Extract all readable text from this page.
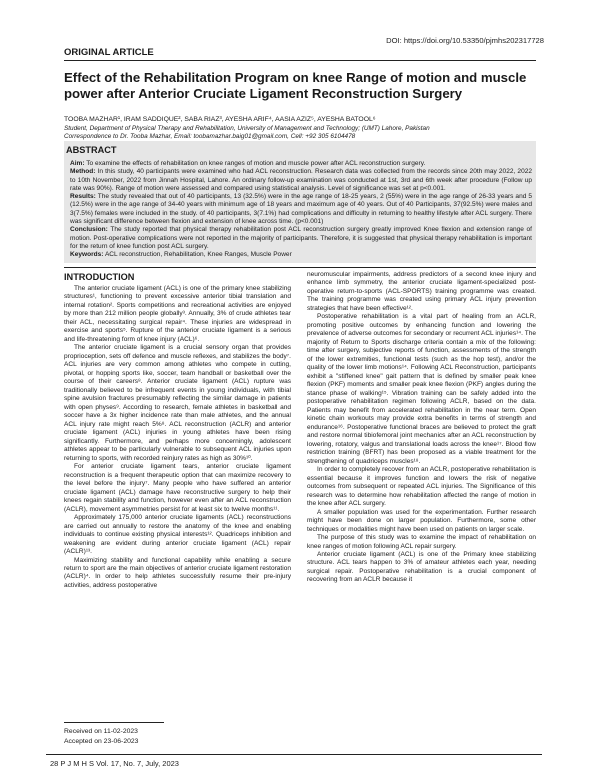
DOI: https://doi.org/10.53350/pjmhs202317728
ORIGINAL ARTICLE
Effect of the Rehabilitation Program on knee Range of motion and muscle power after Anterior Cruciate Ligament Reconstruction Surgery
TOOBA MAZHAR¹, IRAM SADDIQUE², SABA RIAZ³, AYESHA ARIF⁴, AASIA AZIZ⁵, AYESHA BATOOL⁶
Student, Department of Physical Therapy and Rehabilitation, University of Management and Technology; (UMT) Lahore, Pakistan
Correspondence to Dr. Tooba Mazhar, Email: toobamazhar.baig01@gmail.com, Cell: +92 305 6104478
ABSTRACT

Aim: To examine the effects of rehabilitation on knee ranges of motion and muscle power after ACL reconstruction surgery.

Method: In this study, 40 participants were examined who had ACL reconstruction. Research data was collected from the records since 20th may 2022, 2022 to 10th November, 2022 from Jinnah Hospital, Lahore. An ordinary follow-up examination was conducted at 1st, 3rd and 6th week after procedure (Follow up rate was 90%). Range of motion were assessed and compared using statistical analysis. Level of significance was set at p<0.001.

Results: The study revealed that out of 40 participants, 13 (32.5%) were in the age range of 18-25 years, 2 (55%) were in the age range of 26-33 years and 5 (12.5%) were in the age range of 34-40 years with minimum age of 18 years and maximum age of 40 years. Out of 40 Participants, 37(92.5%) were males and 3(7.5%) females were included in the study. of 40 participants, 3(7.1%) had complications and difficulty in returning to healthy lifestyle after ACL surgery. There was significant difference between flexion and extension of knee across time. (p<0.001)

Conclusion: The study reported that physical therapy rehabilitation post ACL reconstruction surgery greatly improved Knee flexion and extension range of motion. Post-operative complications were not reported in the majority of participants. Therefore, it is suggested that physical therapy rehabilitation is important for the return of knee function post ACL surgery.

Keywords: ACL reconstruction, Rehabilitation, Knee Ranges, Muscle Power

INTRODUCTION

The anterior cruciate ligament (ACL) is one of the primary knee stabilizing structures¹, functioning to prevent excessive anterior tibial translation and internal rotation². Sports competitions and recreational activities are enjoyed by more than 212 million people globally³. Annually, 3% of crude athletes tear their ACL, necessitating surgical repair⁴. These injuries are widespread in exercise and sports⁵. Rupture of the anterior cruciate ligament is a serious and life-threatening form of knee injury (ACL)⁶.

The anterior cruciate ligament is a crucial sensory organ that provides proprioception, sets off defence and muscle reflexes, and stabilizes the body⁷. ACL injuries are very common among athletes who compete in cutting, pivotal, or hopping sports like, soccer, team handball or basketball over the course of their careers⁸. Anterior cruciate ligament (ACL) rupture was traditionally believed to be infrequent events in young individuals, with tibial spine avulsion fractures presumably reflecting the similar damage in patients with open physes⁹. According to research, female athletes in basketball and soccer have a 3x higher incidence rate than male athletes, and the annual ACL injury rate might reach 5%⁸. ACL reconstruction (ACLR) and anterior cruciate ligament (ACL) injuries in young athletes have been rising significantly. Furthermore, and perhaps more concerningly, adolescent athletes appear to be particularly vulnerable to subsequent ACL injuries upon returning to sports, with recorded reinjury rates as high as 30%¹⁰.

For anterior cruciate ligament tears, anterior cruciate ligament reconstruction is a frequent therapeutic option that can maximize recovery to the level before the injury⁷. Many people who have suffered an anterior cruciate ligament (ACL) damage have reconstructive surgery to help their knees regain stability and function, however even after an ACL reconstruction (ACLR), movement asymmetries persist for at least six to twelve months¹¹.

Approximately 175,000 anterior cruciate ligaments (ACL) reconstructions are carried out annually to restore the anatomy of the knee and enabling individuals to continue existing physical interests¹². Quadriceps inhibition and weakening are evident during anterior cruciate ligament (ACL) repair (ACLR)¹³.

Maximizing stability and functional capability while enabling a secure return to sport are the main objectives of anterior cruciate ligament restoration (ACLR)⁴. In order to help athletes successfully resume their pre-injury activities, address postoperative

neuromuscular impairments, address predictors of a second knee injury and enhance limb symmetry, the anterior cruciate ligament-specialized post-operative return-to-sports (ACL-SPORTS) training programme was created. The training programme was created using primary ACL injury prevention strategies that have been effective¹².

Postoperative rehabilitation is a vital part of healing from an ACLR, promoting positive outcomes by enhancing function and lowering the prevalence of adverse outcomes for secondary or recurrent ACL injuries¹⁴. The majority of Return to Sports discharge criteria contain a mix of the following: time after surgery, subjective reports of function, assessments of the strength of the lower extremities, functional tests (such as the hop test), and/or the quality of the lower limb motions¹⁴. Following ACL Reconstruction, participants exhibit a "stiffened knee" gait pattern that is defined by smaller peak knee flexion (PKF) moments and smaller peak knee flexion (PKF) angles during the stance phase of walking¹⁵. Vibration training can be safely added into the postoperative rehabilitation regimen following ACLR, based on the data. Patients may benefit from accelerated rehabilitation in the near term. Open kinetic chain workouts may provide extra benefits in terms of strength and endurance¹⁶. Postoperative functional braces are believed to protect the graft and restore normal tibiofemoral joint mechanics after an ACL reconstruction by lowering, rotatory, valgus and translational loads across the knee¹⁷. Blood flow restriction training (BFRT) has been proposed as a viable treatment for the strengthening of quadriceps muscles¹⁸.

In order to completely recover from an ACLR, postoperative rehabilitation is essential because it improves function and lowers the risk of negative outcomes from subsequent or repeated ACL injuries. The Significance of this research was to determine how rehabilitation affected the range of motion in the knee after ACL surgery.

A smaller population was used for the experimentation. Further research might have been done on larger population. Furthermore, some other techniques or modalities might have been used on patients on larger scale.

The purpose of this study was to examine the impact of rehabilitation on knee ranges of motion following ACL repair surgery.

Anterior cruciate ligament (ACL) is one of the Primary knee stabilizing structure. ACL tears happen to 3% of amateur athletes each year, needing surgical repair. Postoperative rehabilitation is a crucial component of recovering from an ACLR because it

Received on 11-02-2023
Accepted on 23-06-2023
28 P J M H S Vol. 17, No. 7, July, 2023
